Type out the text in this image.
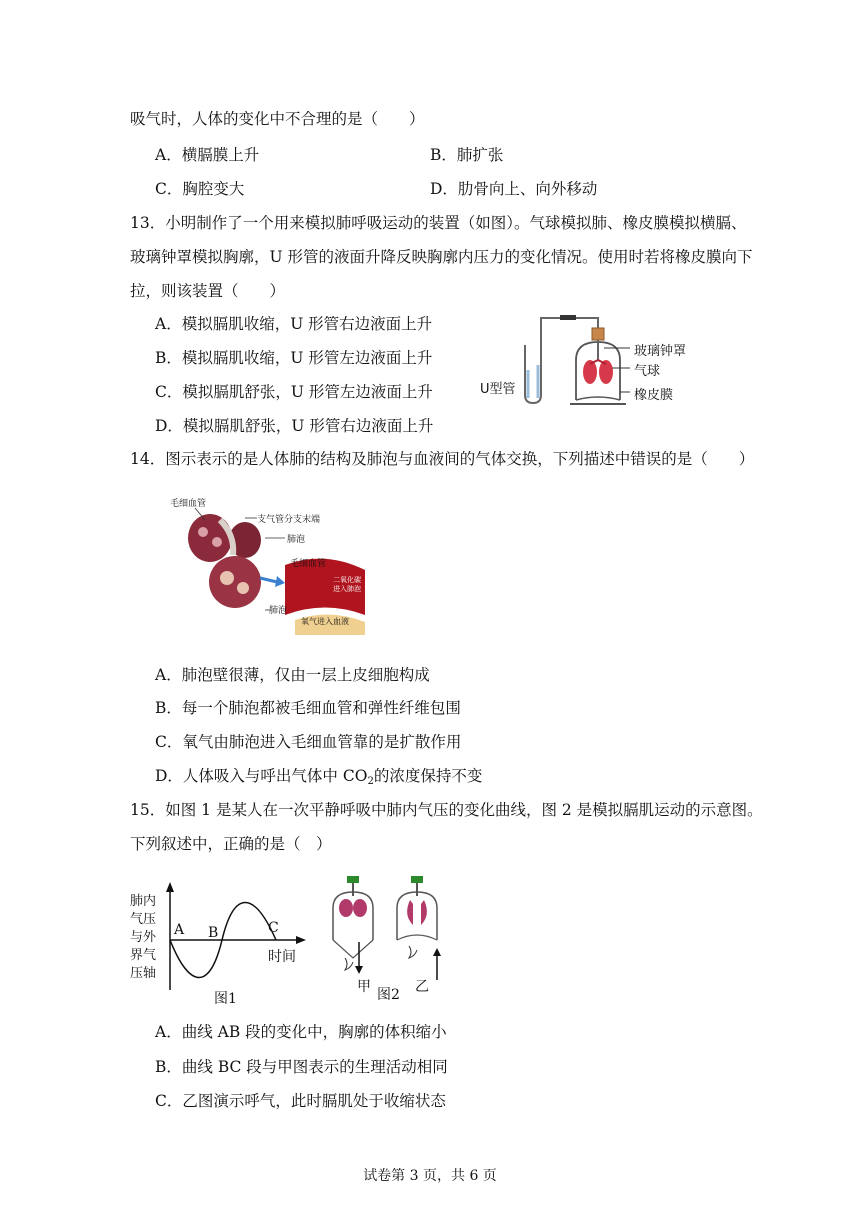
吸气时，人体的变化中不合理的是（　　）
A．横膈膜上升	B．肺扩张
C．胸腔变大	D．肋骨向上、向外移动
13．小明制作了一个用来模拟肺呼吸运动的装置（如图）。气球模拟肺、橡皮膜模拟横膈、
玻璃钟罩模拟胸廓，U 形管的液面升降反映胸廓内压力的变化情况。使用时若将橡皮膜向下
拉，则该装置（　　）
A．模拟膈肌收缩，U 形管右边液面上升
B．模拟膈肌收缩，U 形管左边液面上升
C．模拟膈肌舒张，U 形管左边液面上升
D．模拟膈肌舒张，U 形管右边液面上升
玻璃钟罩
气球
橡皮膜
U型管
14．图示表示的是人体肺的结构及肺泡与血液间的气体交换，下列描述中错误的是（　　）
毛细血管
支气管分支末端
肺泡
毛细血管
二氧化碳
进入肺泡
肺泡
氧气进入血液
A．肺泡壁很薄，仅由一层上皮细胞构成
B．每一个肺泡都被毛细血管和弹性纤维包围
C．氧气由肺泡进入毛细血管靠的是扩散作用
D．人体吸入与呼出气体中 $CO_2$的浓度保持不变
15．如图 1 是某人在一次平静呼吸中肺内气压的变化曲线，图 2 是模拟膈肌运动的示意图。
下列叙述中，正确的是（　）
肺内
气压
与外
界气
压轴
A B	C
时间
图1
甲 图2 乙
A．曲线 AB 段的变化中，胸廓的体积缩小
B．曲线 BC 段与甲图表示的生理活动相同
C．乙图演示呼气，此时膈肌处于收缩状态
试卷第 3 页，共 6 页
